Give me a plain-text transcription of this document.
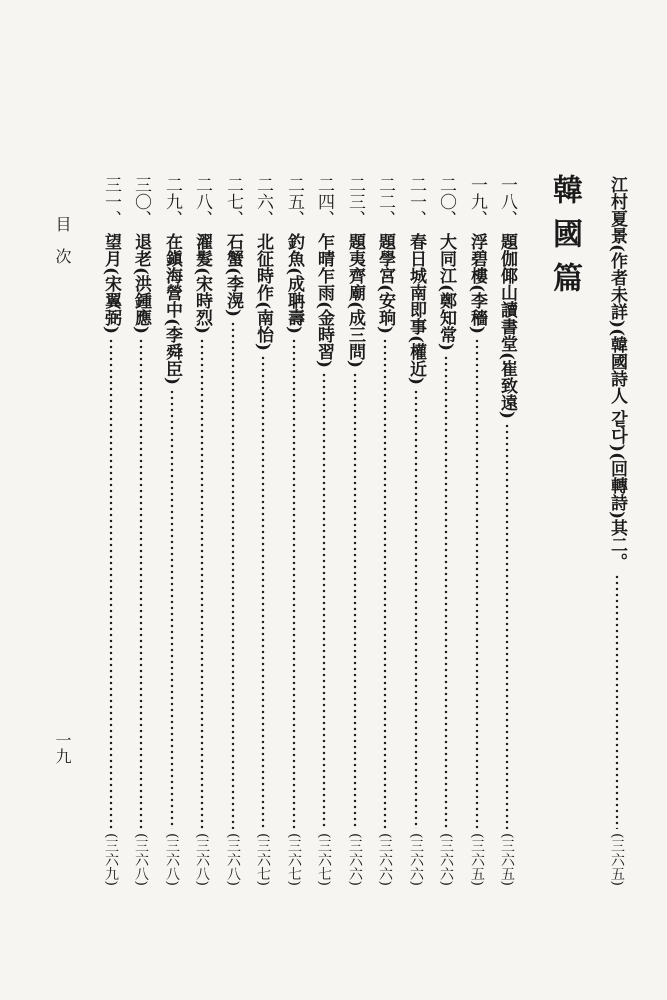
江村夏景(作者未詳)(韓國詩人 같다)(回轉詩)其二。
(三六五)
韓國篇
一八、
題伽倻山讀書堂(崔致遠)
(三六五)
一九、
浮碧樓(李穡)
(三六五)
二〇、
大同江(鄭知常)
(三六六)
二一、
春日城南即事(權近)
(三六六)
二二、
題學宮(安珦)
(三六六)
二三、
題夷齊廟(成三問)
(三六六)
二四、
乍晴乍雨(金時習)
(三六七)
二五、
釣魚(成聃壽)
(三六七)
二六、
北征時作(南怡)
(三六七)
二七、
石蟹(李滉)
(三六八)
二八、
濯髮(宋時烈)
(三六八)
二九、
在鎭海營中(李舜臣)
(三六八)
三〇、
退老(洪鍾應)
(三六八)
三一、
望月(宋翼弼)
(三六九)
目　次
一九
